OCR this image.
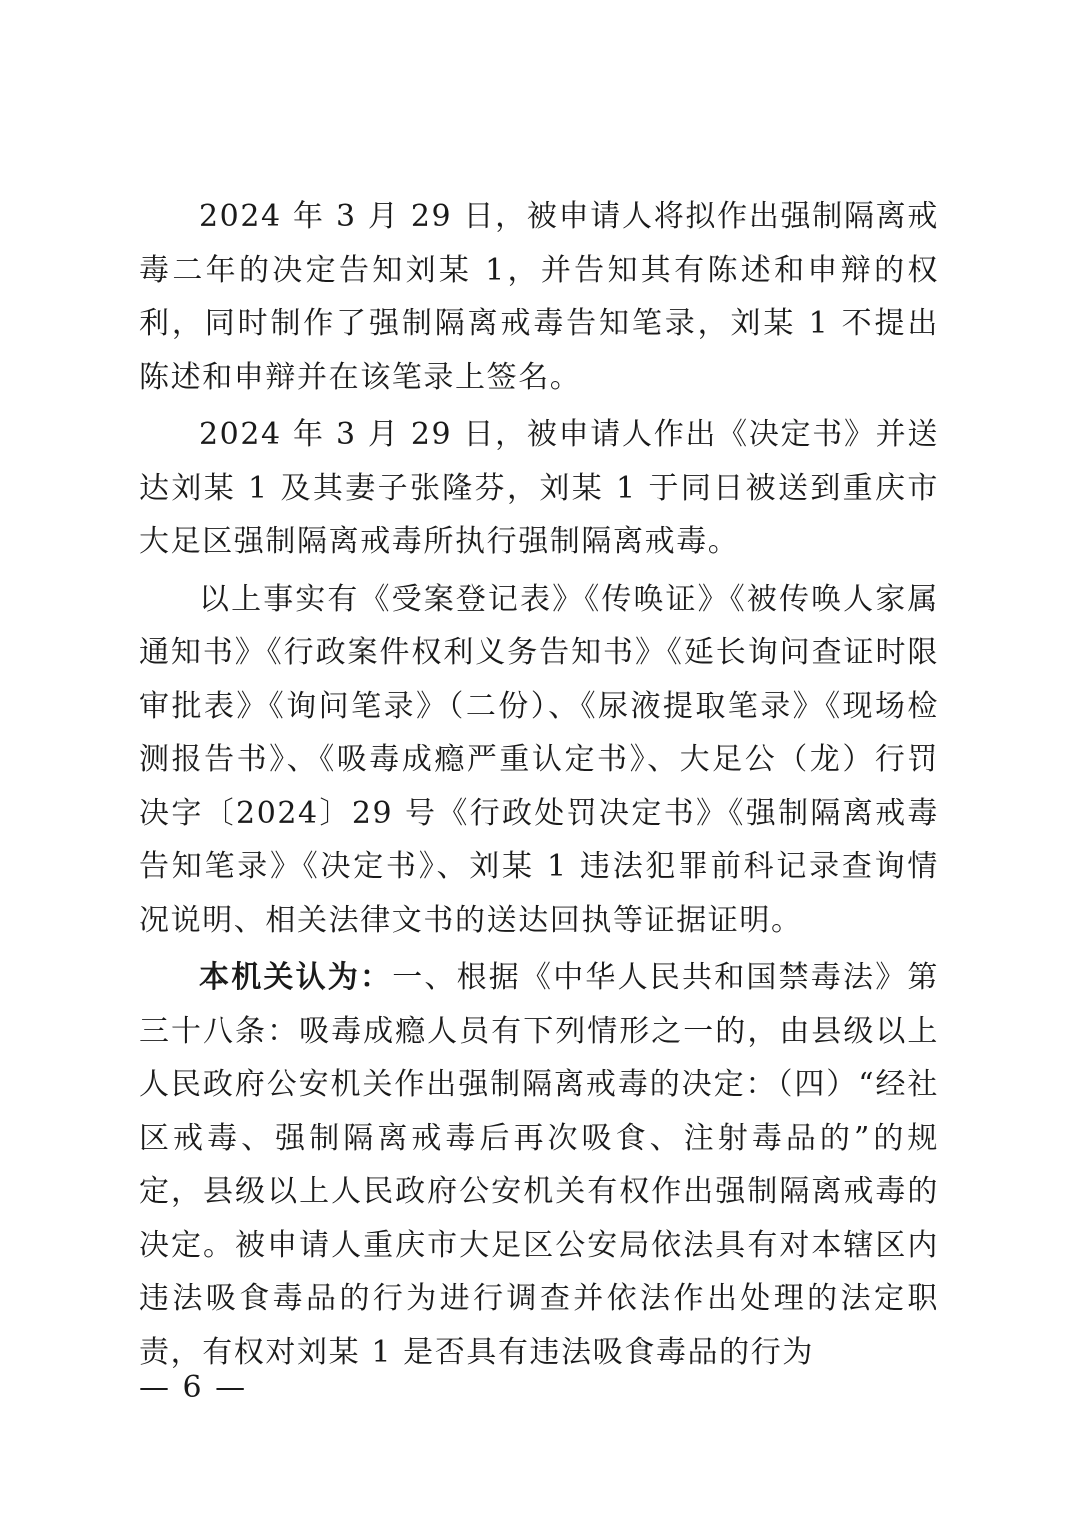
2024 年 3 月 29 日，被申请人将拟作出强制隔离戒毒二年的决定告知刘某 1，并告知其有陈述和申辩的权利，同时制作了强制隔离戒毒告知笔录，刘某 1 不提出陈述和申辩并在该笔录上签名。

2024 年 3 月 29 日，被申请人作出《决定书》并送达刘某 1 及其妻子张隆芬，刘某 1 于同日被送到重庆市大足区强制隔离戒毒所执行强制隔离戒毒。

以上事实有《受案登记表》《传唤证》《被传唤人家属通知书》《行政案件权利义务告知书》《延长询问查证时限审批表》《询问笔录》（二份）、《尿液提取笔录》《现场检测报告书》、《吸毒成瘾严重认定书》、大足公（龙）行罚决字〔2024〕29 号《行政处罚决定书》《强制隔离戒毒告知笔录》《决定书》、刘某 1 违法犯罪前科记录查询情况说明、相关法律文书的送达回执等证据证明。

本机关认为：一、根据《中华人民共和国禁毒法》第三十八条：吸毒成瘾人员有下列情形之一的，由县级以上人民政府公安机关作出强制隔离戒毒的决定：（四）“经社区戒毒、强制隔离戒毒后再次吸食、注射毒品的”的规定，县级以上人民政府公安机关有权作出强制隔离戒毒的决定。被申请人重庆市大足区公安局依法具有对本辖区内违法吸食毒品的行为进行调查并依法作出处理的法定职责，有权对刘某 1 是否具有违法吸食毒品的行为

— 6 —
